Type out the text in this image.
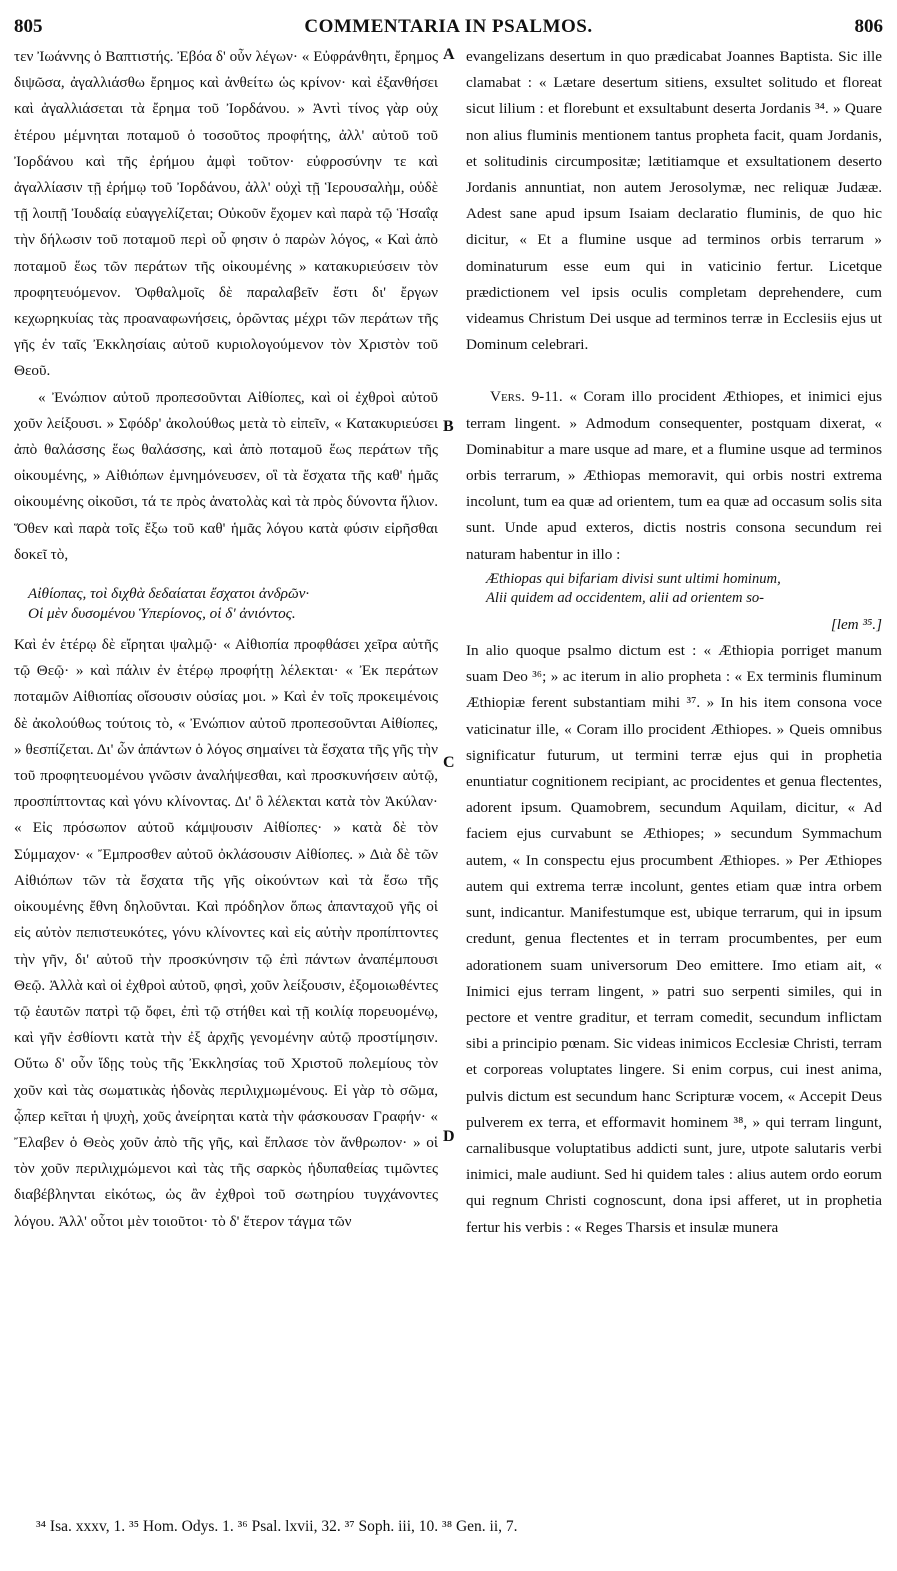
805	COMMENTARIA IN PSALMOS.	806
A
B
C
D

τεν Ἰωάννης ὁ Βαπτιστής. Ἐβόα δ' οὖν λέγων· « Εὐφράνθητι, ἔρημος διψῶσα, ἀγαλλιάσθω ἔρημος καὶ ἀνθείτω ὡς κρίνον· καὶ ἐξανθήσει καὶ ἀγαλλιάσεται τὰ ἔρημα τοῦ Ἰορδάνου. » Ἀντὶ τίνος γὰρ οὐχ ἑτέρου μέμνηται ποταμοῦ ὁ τοσοῦτος προφήτης, ἀλλ' αὐτοῦ τοῦ Ἰορδάνου καὶ τῆς ἐρήμου ἀμφὶ τοῦτον· εὐφροσύνην τε καὶ ἀγαλλίασιν τῇ ἐρήμῳ τοῦ Ἰορδάνου, ἀλλ' οὐχὶ τῇ Ἱερουσαλὴμ, οὐδὲ τῇ λοιπῇ Ἰουδαίᾳ εὐαγγελίζεται; Οὐκοῦν ἔχομεν καὶ παρὰ τῷ Ἡσαΐᾳ τὴν δήλωσιν τοῦ ποταμοῦ περὶ οὗ φησιν ὁ παρὼν λόγος, « Καὶ ἀπὸ ποταμοῦ ἕως τῶν περάτων τῆς οἰκουμένης » κατακυριεύσειν τὸν προφητευόμενον. Ὀφθαλμοῖς δὲ παραλαβεῖν ἔστι δι' ἔργων κεχωρηκυίας τὰς προαναφωνήσεις, ὁρῶντας μέχρι τῶν περάτων τῆς γῆς ἐν ταῖς Ἐκκλησίαις αὐτοῦ κυριολογούμενον τὸν Χριστὸν τοῦ Θεοῦ.

« Ἐνώπιον αὐτοῦ προπεσοῦνται Αἰθίοπες, καὶ οἱ ἐχθροὶ αὐτοῦ χοῦν λείξουσι. » Σφόδρ' ἀκολούθως μετὰ τὸ εἰπεῖν, « Κατακυριεύσει ἀπὸ θαλάσσης ἕως θαλάσσης, καὶ ἀπὸ ποταμοῦ ἕως περάτων τῆς οἰκουμένης, » Αἰθιόπων ἐμνημόνευσεν, οἳ τὰ ἔσχατα τῆς καθ' ἡμᾶς οἰκουμένης οἰκοῦσι, τά τε πρὸς ἀνατολὰς καὶ τὰ πρὸς δύνοντα ἥλιον. Ὅθεν καὶ παρὰ τοῖς ἔξω τοῦ καθ' ἡμᾶς λόγου κατὰ φύσιν εἰρῆσθαι δοκεῖ τὸ,

Αἰθίοπας, τοὶ διχθὰ δεδαίαται ἔσχατοι ἀνδρῶν·
Οἱ μὲν δυσομένου Ὑπερίονος, οἱ δ' ἀνιόντος.

Καὶ ἐν ἑτέρῳ δὲ εἴρηται ψαλμῷ· « Αἰθιοπία προφθάσει χεῖρα αὐτῆς τῷ Θεῷ· » καὶ πάλιν ἐν ἑτέρῳ προφήτῃ λέλεκται· « Ἐκ περάτων ποταμῶν Αἰθιοπίας οἴσουσιν οὐσίας μοι. » Καὶ ἐν τοῖς προκειμένοις δὲ ἀκολούθως τούτοις τὸ, « Ἐνώπιον αὐτοῦ προπεσοῦνται Αἰθίοπες, » θεσπίζεται. Δι' ὧν ἁπάντων ὁ λόγος σημαίνει τὰ ἔσχατα τῆς γῆς τὴν τοῦ προφητευομένου γνῶσιν ἀναλήψεσθαι, καὶ προσκυνήσειν αὐτῷ, προσπίπτοντας καὶ γόνυ κλίνοντας. Δι' ὃ λέλεκται κατὰ τὸν Ἀκύλαν· « Εἰς πρόσωπον αὐτοῦ κάμψουσιν Αἰθίοπες· » κατὰ δὲ τὸν Σύμμαχον· « Ἔμπροσθεν αὐτοῦ ὀκλάσουσιν Αἰθίοπες. » Διὰ δὲ τῶν Αἰθιόπων τῶν τὰ ἔσχατα τῆς γῆς οἰκούντων καὶ τὰ ἔσω τῆς οἰκουμένης ἔθνη δηλοῦνται. Καὶ πρόδηλον ὅπως ἁπανταχοῦ γῆς οἱ εἰς αὐτὸν πεπιστευκότες, γόνυ κλίνοντες καὶ εἰς αὐτὴν προπίπτοντες τὴν γῆν, δι' αὐτοῦ τὴν προσκύνησιν τῷ ἐπὶ πάντων ἀναπέμπουσι Θεῷ. Ἀλλὰ καὶ οἱ ἐχθροὶ αὐτοῦ, φησὶ, χοῦν λείξουσιν, ἐξομοιωθέντες τῷ ἑαυτῶν πατρὶ τῷ ὄφει, ἐπὶ τῷ στήθει καὶ τῇ κοιλίᾳ πορευομένῳ, καὶ γῆν ἐσθίοντι κατὰ τὴν ἐξ ἀρχῆς γενομένην αὐτῷ προστίμησιν. Οὕτω δ' οὖν ἴδῃς τοὺς τῆς Ἐκκλησίας τοῦ Χριστοῦ πολεμίους τὸν χοῦν καὶ τὰς σωματικὰς ἡδονὰς περιλιχμωμένους. Εἰ γὰρ τὸ σῶμα, ᾧπερ κεῖται ἡ ψυχὴ, χοῦς ἀνείρηται κατὰ τὴν φάσκουσαν Γραφήν· « Ἔλαβεν ὁ Θεὸς χοῦν ἀπὸ τῆς γῆς, καὶ ἔπλασε τὸν ἄνθρωπον· » οἱ τὸν χοῦν περιλιχμώμενοι καὶ τὰς τῆς σαρκὸς ἡδυπαθείας τιμῶντες διαβέβληνται εἰκότως, ὡς ἂν ἐχθροὶ τοῦ σωτηρίου τυγχάνοντες λόγου. Ἀλλ' οὗτοι μὲν τοιοῦτοι· τὸ δ' ἕτερον τάγμα τῶν

evangelizans desertum in quo prædicabat Joannes Baptista. Sic ille clamabat : « Lætare desertum sitiens, exsultet solitudo et floreat sicut lilium : et florebunt et exsultabunt deserta Jordanis ³⁴. » Quare non alius fluminis mentionem tantus propheta facit, quam Jordanis, et solitudinis circumpositæ; lætitiamque et exsultationem deserto Jordanis annuntiat, non autem Jerosolymæ, nec reliquæ Judææ. Adest sane apud ipsum Isaiam declaratio fluminis, de quo hic dicitur, « Et a flumine usque ad terminos orbis terrarum » dominaturum esse eum qui in vaticinio fertur. Licetque prædictionem vel ipsis oculis completam deprehendere, cum videamus Christum Dei usque ad terminos terræ in Ecclesiis ejus ut Dominum celebrari.

Vers. 9-11. « Coram illo procident Æthiopes, et inimici ejus terram lingent. » Admodum consequenter, postquam dixerat, « Dominabitur a mare usque ad mare, et a flumine usque ad terminos orbis terrarum, » Æthiopas memoravit, qui orbis nostri extrema incolunt, tum ea quæ ad orientem, tum ea quæ ad occasum solis sita sunt. Unde apud exteros, dictis nostris consona secundum rei naturam habentur in illo :

Æthiopas qui bifariam divisi sunt ultimi hominum,
Alii quidem ad occidentem, alii ad orientem so-

[lem ³⁵.]

In alio quoque psalmo dictum est : « Æthiopia porriget manum suam Deo ³⁶; » ac iterum in alio propheta : « Ex terminis fluminum Æthiopiæ ferent substantiam mihi ³⁷. » In his item consona voce vaticinatur ille, « Coram illo procident Æthiopes. » Queis omnibus significatur futurum, ut termini terræ ejus qui in prophetia enuntiatur cognitionem recipiant, ac procidentes et genua flectentes, adorent ipsum. Quamobrem, secundum Aquilam, dicitur, « Ad faciem ejus curvabunt se Æthiopes; » secundum Symmachum autem, « In conspectu ejus procumbent Æthiopes. » Per Æthiopes autem qui extrema terræ incolunt, gentes etiam quæ intra orbem sunt, indicantur. Manifestumque est, ubique terrarum, qui in ipsum credunt, genua flectentes et in terram procumbentes, per eum adorationem suam universorum Deo emittere. Imo etiam ait, « Inimici ejus terram lingent, » patri suo serpenti similes, qui in pectore et ventre graditur, et terram comedit, secundum inflictam sibi a principio pœnam. Sic videas inimicos Ecclesiæ Christi, terram et corporeas voluptates lingere. Si enim corpus, cui inest anima, pulvis dictum est secundum hanc Scripturæ vocem, « Accepit Deus pulverem ex terra, et efformavit hominem ³⁸, » qui terram lingunt, carnalibusque voluptatibus addicti sunt, jure, utpote salutaris verbi inimici, male audiunt. Sed hi quidem tales : alius autem ordo eorum qui regnum Christi cognoscunt, dona ipsi afferet, ut in prophetia fertur his verbis : « Reges Tharsis et insulæ munera

³⁴ Isa. xxxv, 1. ³⁵ Hom. Odys. 1. ³⁶ Psal. lxvii, 32. ³⁷ Soph. iii, 10. ³⁸ Gen. ii, 7.
